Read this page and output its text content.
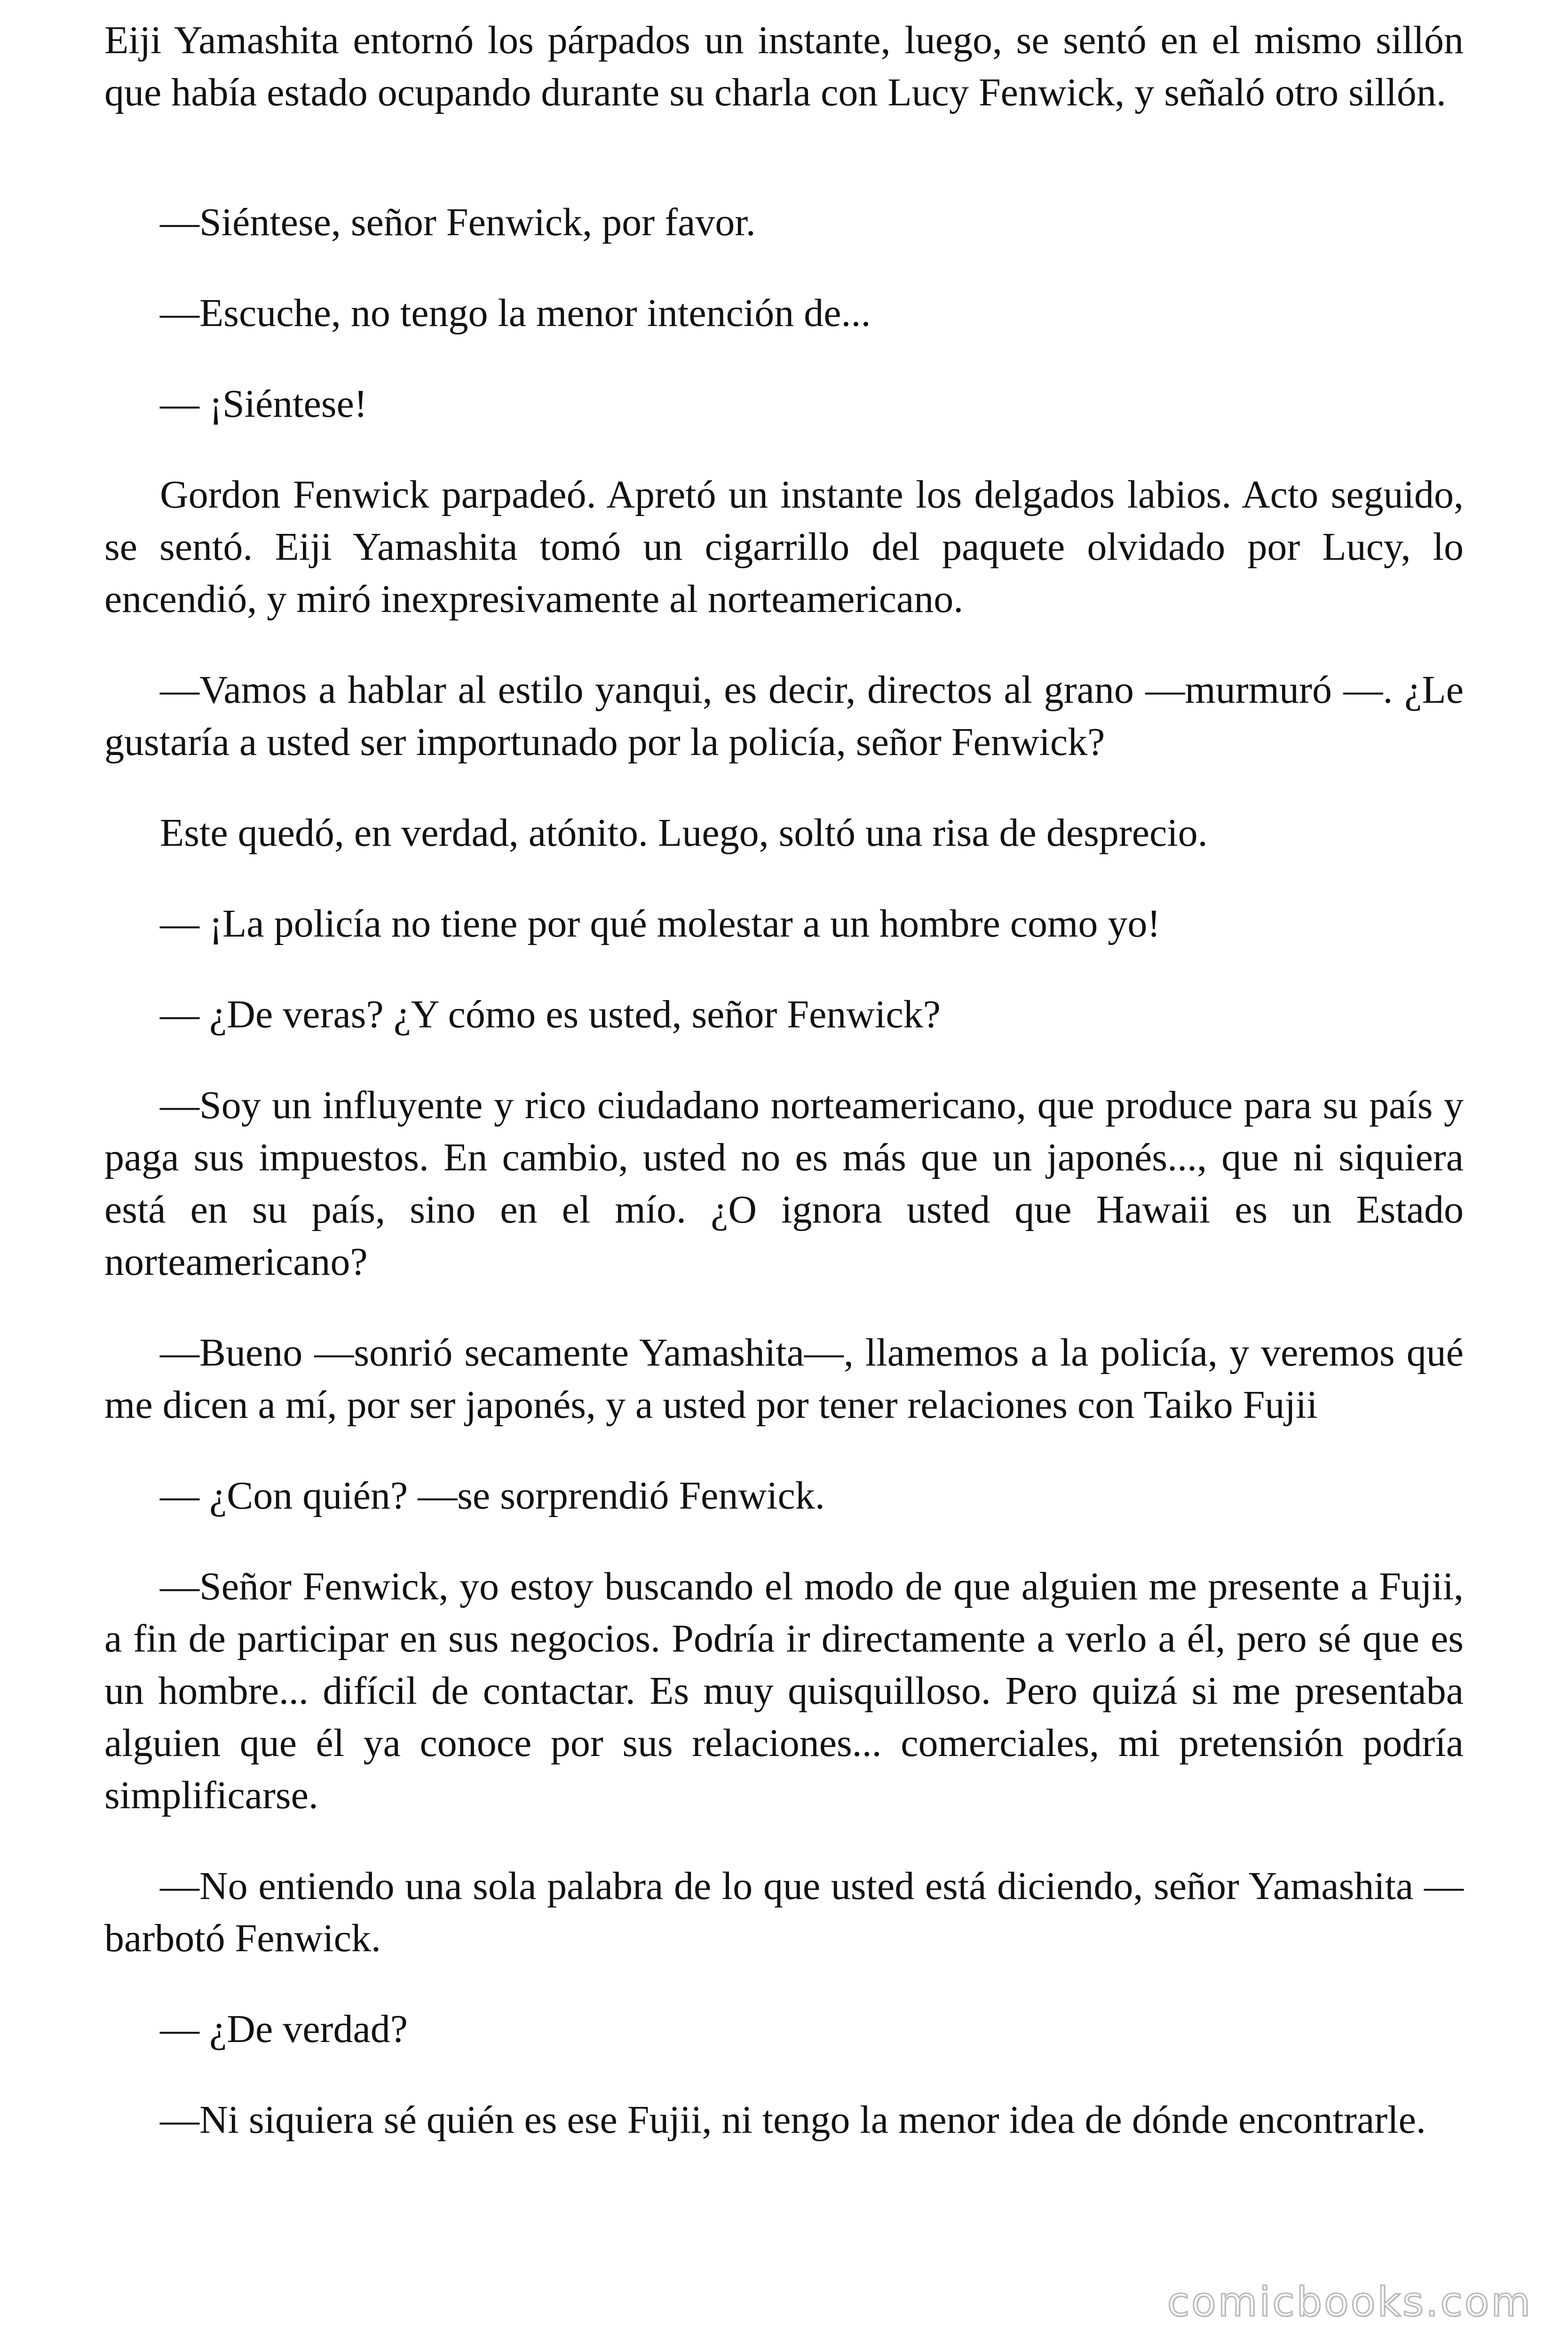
Eiji Yamashita entornó los párpados un instante, luego, se sentó en el mismo sillón que había estado ocupando durante su charla con Lucy Fenwick, y señaló otro sillón.

—Siéntese, señor Fenwick, por favor.

—Escuche, no tengo la menor intención de...

— ¡Siéntese!

Gordon Fenwick parpadeó. Apretó un instante los delgados labios. Acto seguido, se sentó. Eiji Yamashita tomó un cigarrillo del paquete olvidado por Lucy, lo encendió, y miró inexpresivamente al norteamericano.

—Vamos a hablar al estilo yanqui, es decir, directos al grano —murmuró —. ¿Le gustaría a usted ser importunado por la policía, señor Fenwick?

Este quedó, en verdad, atónito. Luego, soltó una risa de desprecio.

— ¡La policía no tiene por qué molestar a un hombre como yo!

— ¿De veras? ¿Y cómo es usted, señor Fenwick?

—Soy un influyente y rico ciudadano norteamericano, que produce para su país y paga sus impuestos. En cambio, usted no es más que un japonés..., que ni siquiera está en su país, sino en el mío. ¿O ignora usted que Hawaii es un Estado norteamericano?

—Bueno —sonrió secamente Yamashita—, llamemos a la policía, y veremos qué me dicen a mí, por ser japonés, y a usted por tener relaciones con Taiko Fujii

— ¿Con quién? —se sorprendió Fenwick.

—Señor Fenwick, yo estoy buscando el modo de que alguien me presente a Fujii, a fin de participar en sus negocios. Podría ir directamente a verlo a él, pero sé que es un hombre... difícil de contactar. Es muy quisquilloso. Pero quizá si me presentaba alguien que él ya conoce por sus relaciones... comerciales, mi pretensión podría simplificarse.

—No entiendo una sola palabra de lo que usted está diciendo, señor Yamashita —barbotó Fenwick.

— ¿De verdad?

—Ni siquiera sé quién es ese Fujii, ni tengo la menor idea de dónde encontrarle.

comicbooks.com
